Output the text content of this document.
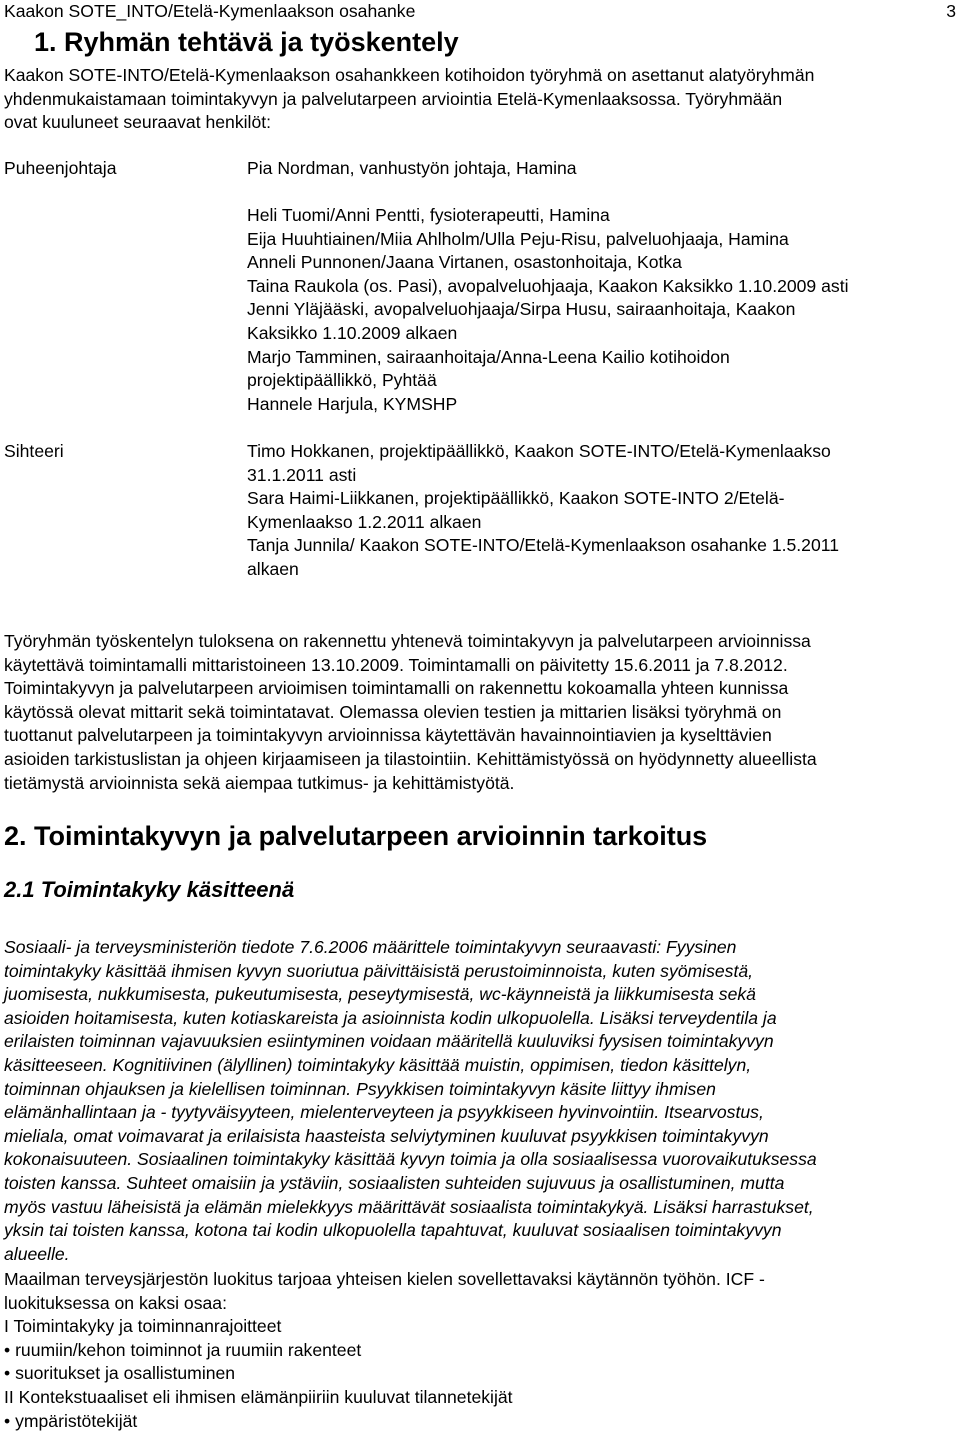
Kaakon SOTE_INTO/Etelä-Kymenlaakson osahanke	3
1. Ryhmän tehtävä ja työskentely
Kaakon SOTE-INTO/Etelä-Kymenlaakson osahankkeen kotihoidon työryhmä on asettanut alatyöryhmän
yhdenmukaistamaan toimintakyvyn ja palvelutarpeen arviointia Etelä-Kymenlaaksossa. Työryhmään
ovat kuuluneet seuraavat henkilöt:
Puheenjohtaja	Pia Nordman, vanhustyön johtaja, Hamina
Heli Tuomi/Anni Pentti, fysioterapeutti, Hamina
Eija Huuhtiainen/Miia Ahlholm/Ulla Peju-Risu, palveluohjaaja, Hamina
Anneli Punnonen/Jaana Virtanen, osastonhoitaja, Kotka
Taina Raukola (os. Pasi), avopalveluohjaaja, Kaakon Kaksikko 1.10.2009 asti
Jenni Yläjääski, avopalveluohjaaja/Sirpa Husu, sairaanhoitaja, Kaakon
Kaksikko 1.10.2009 alkaen
Marjo Tamminen, sairaanhoitaja/Anna-Leena Kailio kotihoidon
projektipäällikkö, Pyhtää
Hannele Harjula, KYMSHP
Sihteeri	Timo Hokkanen, projektipäällikkö, Kaakon SOTE-INTO/Etelä-Kymenlaakso
31.1.2011 asti
Sara Haimi-Liikkanen, projektipäällikkö, Kaakon SOTE-INTO 2/Etelä-
Kymenlaakso 1.2.2011 alkaen
Tanja Junnila/ Kaakon SOTE-INTO/Etelä-Kymenlaakson osahanke 1.5.2011
alkaen
Työryhmän työskentelyn tuloksena on rakennettu yhtenevä toimintakyvyn ja palvelutarpeen arvioinnissa
käytettävä toimintamalli mittaristoineen 13.10.2009. Toimintamalli on päivitetty 15.6.2011 ja 7.8.2012.
Toimintakyvyn ja palvelutarpeen arvioimisen toimintamalli on rakennettu kokoamalla yhteen kunnissa
käytössä olevat mittarit sekä toimintatavat. Olemassa olevien testien ja mittarien lisäksi työryhmä on
tuottanut palvelutarpeen ja toimintakyvyn arvioinnissa käytettävän havainnointiavien ja kyselttävien
asioiden tarkistuslistan ja ohjeen kirjaamiseen ja tilastointiin. Kehittämistyössä on hyödynnetty alueellista
tietämystä arvioinnista sekä aiempaa tutkimus- ja kehittämistyötä.
2. Toimintakyvyn ja palvelutarpeen arvioinnin tarkoitus
2.1 Toimintakyky käsitteenä
Sosiaali- ja terveysministeriön tiedote 7.6.2006 määrittele toimintakyvyn seuraavasti: Fyysinen
toimintakyky käsittää ihmisen kyvyn suoriutua päivittäisistä perustoiminnoista, kuten syömisestä,
juomisesta, nukkumisesta, pukeutumisesta, peseytymisestä, wc-käynneistä ja liikkumisesta sekä
asioiden hoitamisesta, kuten kotiaskareista ja asioinnista kodin ulkopuolella. Lisäksi terveydentila ja
erilaisten toiminnan vajavuuksien esiintyminen voidaan määritellä kuuluviksi fyysisen toimintakyvyn
käsitteeseen. Kognitiivinen (älyllinen) toimintakyky käsittää muistin, oppimisen, tiedon käsittelyn,
toiminnan ohjauksen ja kielellisen toiminnan. Psyykkisen toimintakyvyn käsite liittyy ihmisen
elämänhallintaan ja - tyytyväisyyteen, mielenterveyteen ja psyykkiseen hyvinvointiin. Itsearvostus,
mieliala, omat voimavarat ja erilaisista haasteista selviytyminen kuuluvat psyykkisen toimintakyvyn
kokonaisuuteen. Sosiaalinen toimintakyky käsittää kyvyn toimia ja olla sosiaalisessa vuorovaikutuksessa
toisten kanssa. Suhteet omaisiin ja ystäviin, sosiaalisten suhteiden sujuvuus ja osallistuminen, mutta
myös vastuu läheisistä ja elämän mielekkyys määrittävät sosiaalista toimintakykyä. Lisäksi harrastukset,
yksin tai toisten kanssa, kotona tai kodin ulkopuolella tapahtuvat, kuuluvat sosiaalisen toimintakyvyn
alueelle.
Maailman terveysjärjestön luokitus tarjoaa yhteisen kielen sovellettavaksi käytännön työhön. ICF -
luokituksessa on kaksi osaa:
I Toimintakyky ja toiminnanrajoitteet
• ruumiin/kehon toiminnot ja ruumiin rakenteet
• suoritukset ja osallistuminen
II Kontekstuaaliset eli ihmisen elämänpiiriin kuuluvat tilannetekijät
• ympäristötekijät
